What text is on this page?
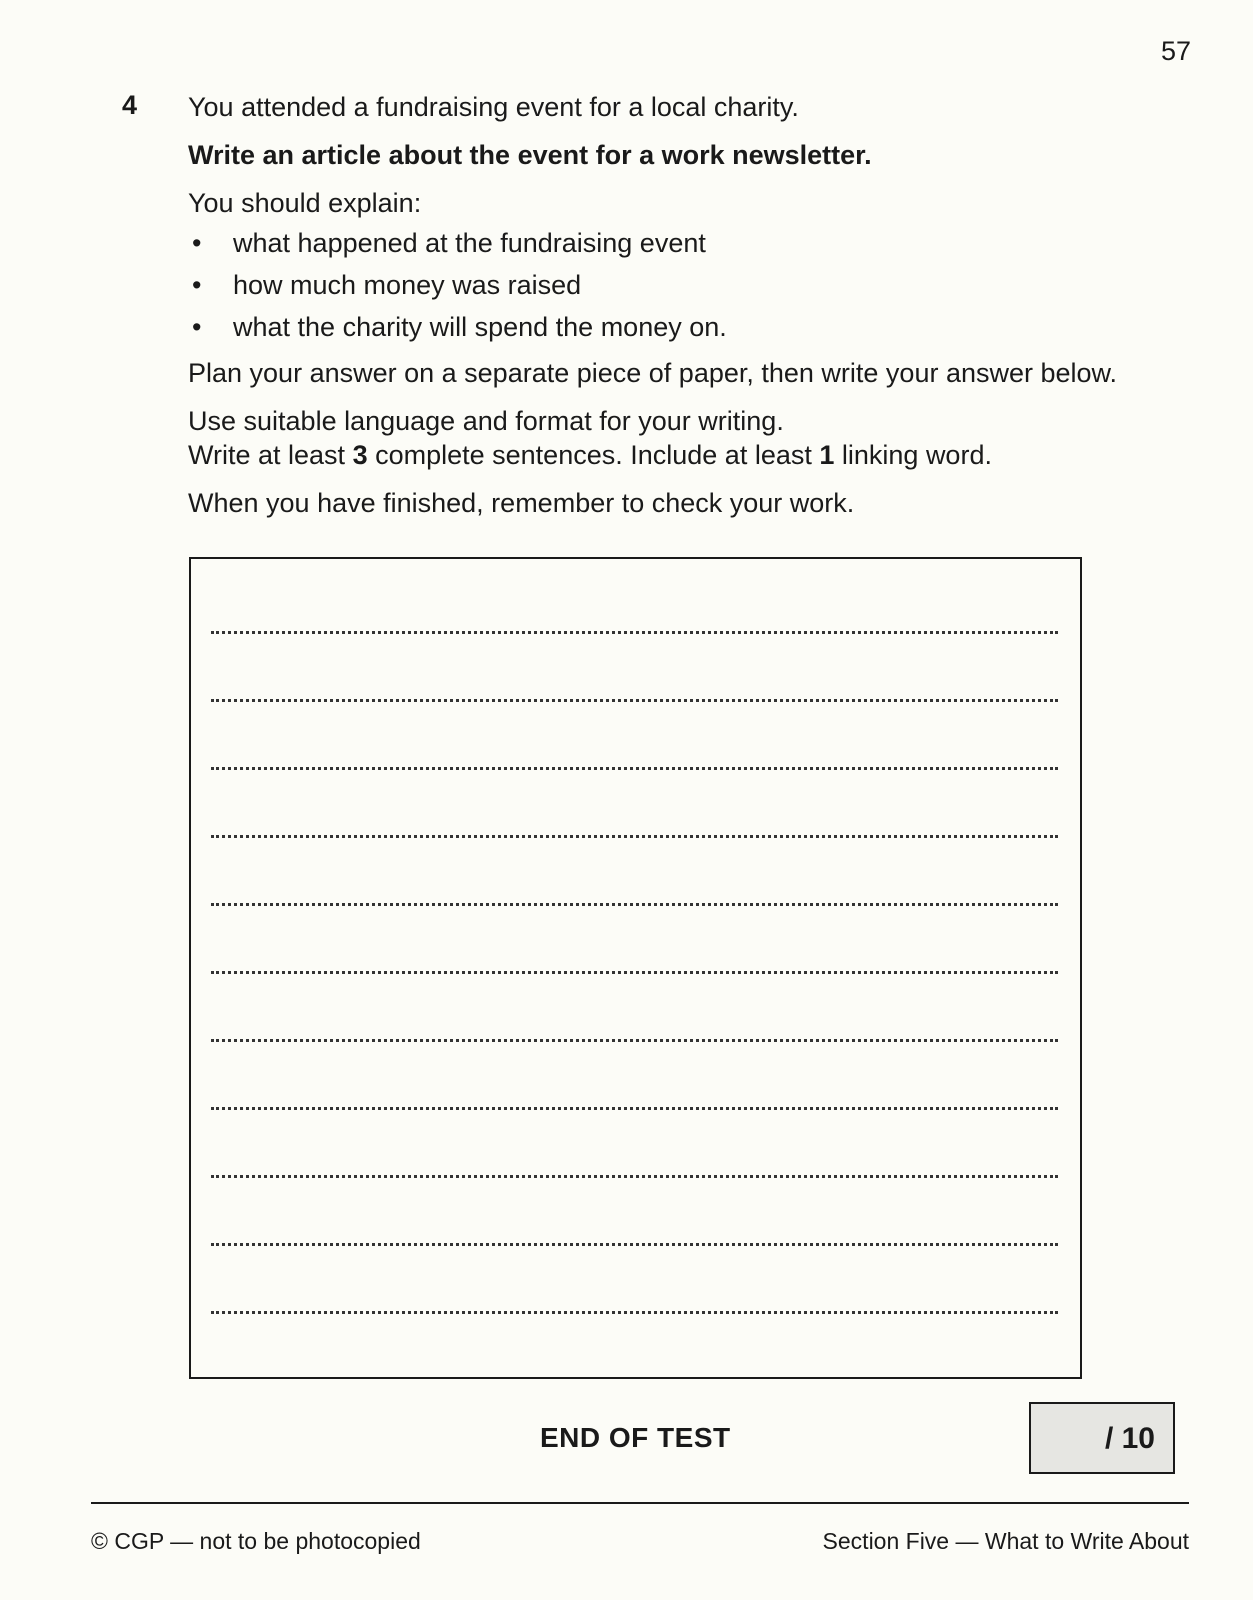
57
4 You attended a fundraising event for a local charity.

Write an article about the event for a work newsletter.

You should explain:

• what happened at the fundraising event
• how much money was raised
• what the charity will spend the money on.

Plan your answer on a separate piece of paper, then write your answer below.

Use suitable language and format for your writing.

Write at least 3 complete sentences. Include at least 1 linking word.

When you have finished, remember to check your work.

END OF TEST	/ 10
© CGP — not to be photocopied	Section Five — What to Write About
